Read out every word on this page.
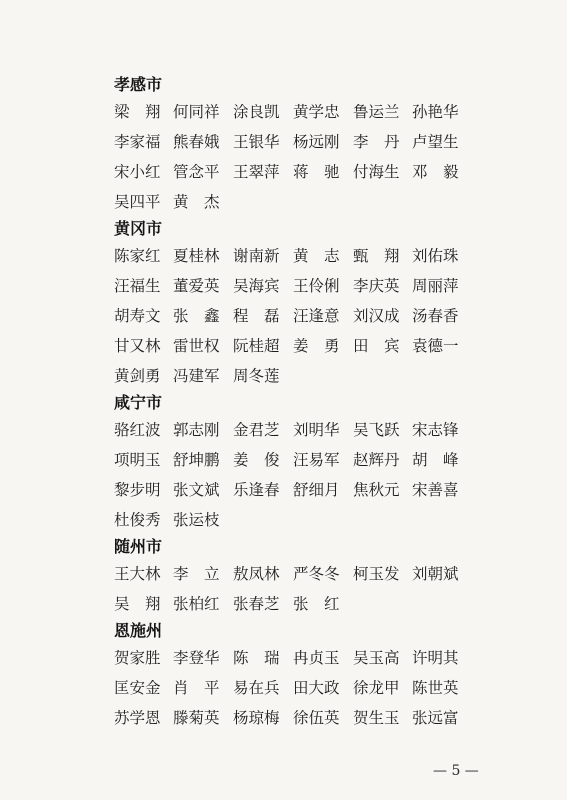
孝感市
梁　翔 何同祥 涂良凯 黄学忠 鲁运兰 孙艳华
李家福 熊春娥 王银华 杨远刚 李　丹 卢望生
宋小红 管念平 王翠萍 蒋　驰 付海生 邓　毅
吴四平 黄　杰
黄冈市
陈家红 夏桂林 谢南新 黄　志 甄　翔 刘佑珠
汪福生 董爱英 吴海宾 王伶俐 李庆英 周丽萍
胡寿文 张　鑫 程　磊 汪逢意 刘汉成 汤春香
甘又林 雷世权 阮桂超 姜　勇 田　宾 袁德一
黄剑勇 冯建军 周冬莲
咸宁市
骆红波 郭志刚 金君芝 刘明华 吴飞跃 宋志锋
项明玉 舒坤鹏 姜　俊 汪易军 赵辉丹 胡　峰
黎步明 张文斌 乐逢春 舒细月 焦秋元 宋善喜
杜俊秀 张运枝
随州市
王大林 李　立 敖凤林 严冬冬 柯玉发 刘朝斌
吴　翔 张柏红 张春芝 张　红
恩施州
贺家胜 李登华 陈　瑞 冉贞玉 吴玉高 许明其
匡安金 肖　平 易在兵 田大政 徐龙甲 陈世英
苏学恩 滕菊英 杨琼梅 徐伍英 贺生玉 张远富
— 5 —
